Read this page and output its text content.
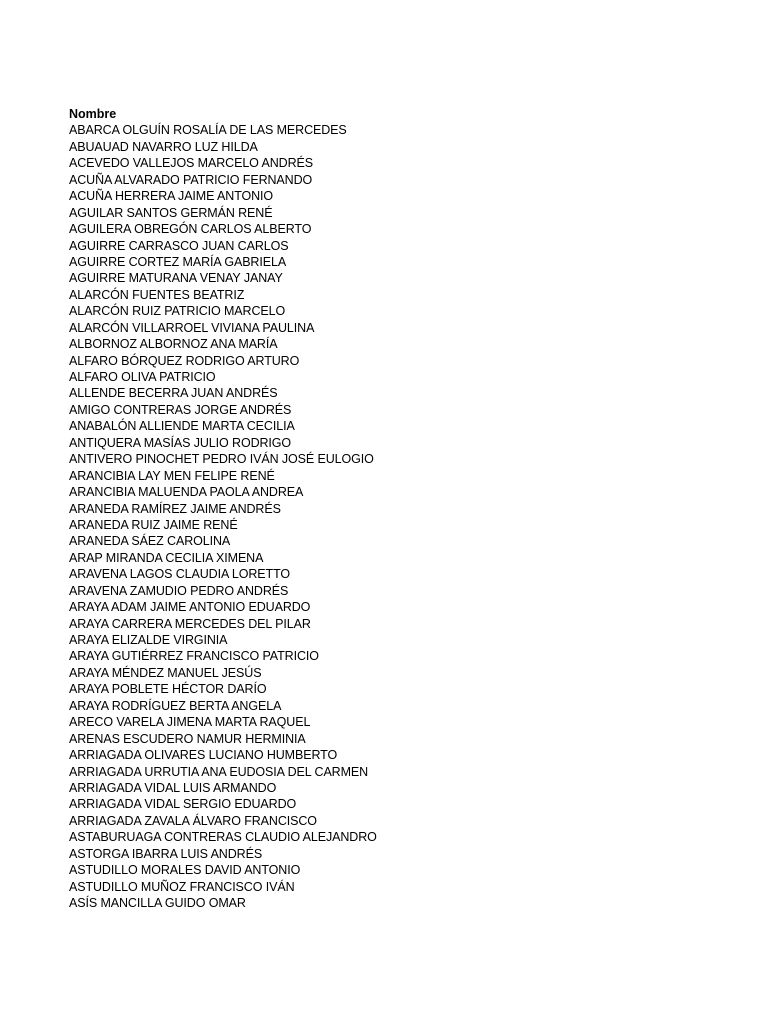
Nombre
ABARCA OLGUÍN ROSALÍA DE LAS MERCEDES
ABUAUAD NAVARRO LUZ HILDA
ACEVEDO VALLEJOS MARCELO ANDRÉS
ACUÑA ALVARADO PATRICIO FERNANDO
ACUÑA HERRERA JAIME ANTONIO
AGUILAR SANTOS GERMÁN RENÉ
AGUILERA OBREGÓN CARLOS ALBERTO
AGUIRRE CARRASCO JUAN CARLOS
AGUIRRE CORTEZ MARÍA GABRIELA
AGUIRRE MATURANA VENAY JANAY
ALARCÓN FUENTES BEATRIZ
ALARCÓN RUIZ PATRICIO MARCELO
ALARCÓN VILLARROEL VIVIANA PAULINA
ALBORNOZ ALBORNOZ ANA MARÍA
ALFARO BÓRQUEZ RODRIGO ARTURO
ALFARO OLIVA PATRICIO
ALLENDE BECERRA JUAN ANDRÉS
AMIGO CONTRERAS JORGE ANDRÉS
ANABALÓN ALLIENDE MARTA CECILIA
ANTIQUERA MASÍAS JULIO RODRIGO
ANTIVERO PINOCHET PEDRO IVÁN JOSÉ EULOGIO
ARANCIBIA LAY MEN FELIPE RENÉ
ARANCIBIA MALUENDA PAOLA ANDREA
ARANEDA RAMÍREZ JAIME ANDRÉS
ARANEDA RUIZ JAIME RENÉ
ARANEDA SÁEZ CAROLINA
ARAP MIRANDA CECILIA XIMENA
ARAVENA LAGOS CLAUDIA LORETTO
ARAVENA ZAMUDIO PEDRO ANDRÉS
ARAYA ADAM JAIME ANTONIO EDUARDO
ARAYA CARRERA MERCEDES DEL PILAR
ARAYA ELIZALDE VIRGINIA
ARAYA GUTIÉRREZ FRANCISCO PATRICIO
ARAYA MÉNDEZ MANUEL JESÚS
ARAYA POBLETE HÉCTOR DARÍO
ARAYA RODRÍGUEZ BERTA ANGELA
ARECO VARELA JIMENA MARTA RAQUEL
ARENAS ESCUDERO NAMUR HERMINIA
ARRIAGADA OLIVARES LUCIANO HUMBERTO
ARRIAGADA URRUTIA ANA EUDOSIA DEL CARMEN
ARRIAGADA VIDAL LUIS ARMANDO
ARRIAGADA VIDAL SERGIO EDUARDO
ARRIAGADA ZAVALA ÁLVARO FRANCISCO
ASTABURUAGA CONTRERAS CLAUDIO ALEJANDRO
ASTORGA IBARRA LUIS ANDRÉS
ASTUDILLO MORALES DAVID ANTONIO
ASTUDILLO MUÑOZ FRANCISCO IVÁN
ASÍS MANCILLA GUIDO OMAR
